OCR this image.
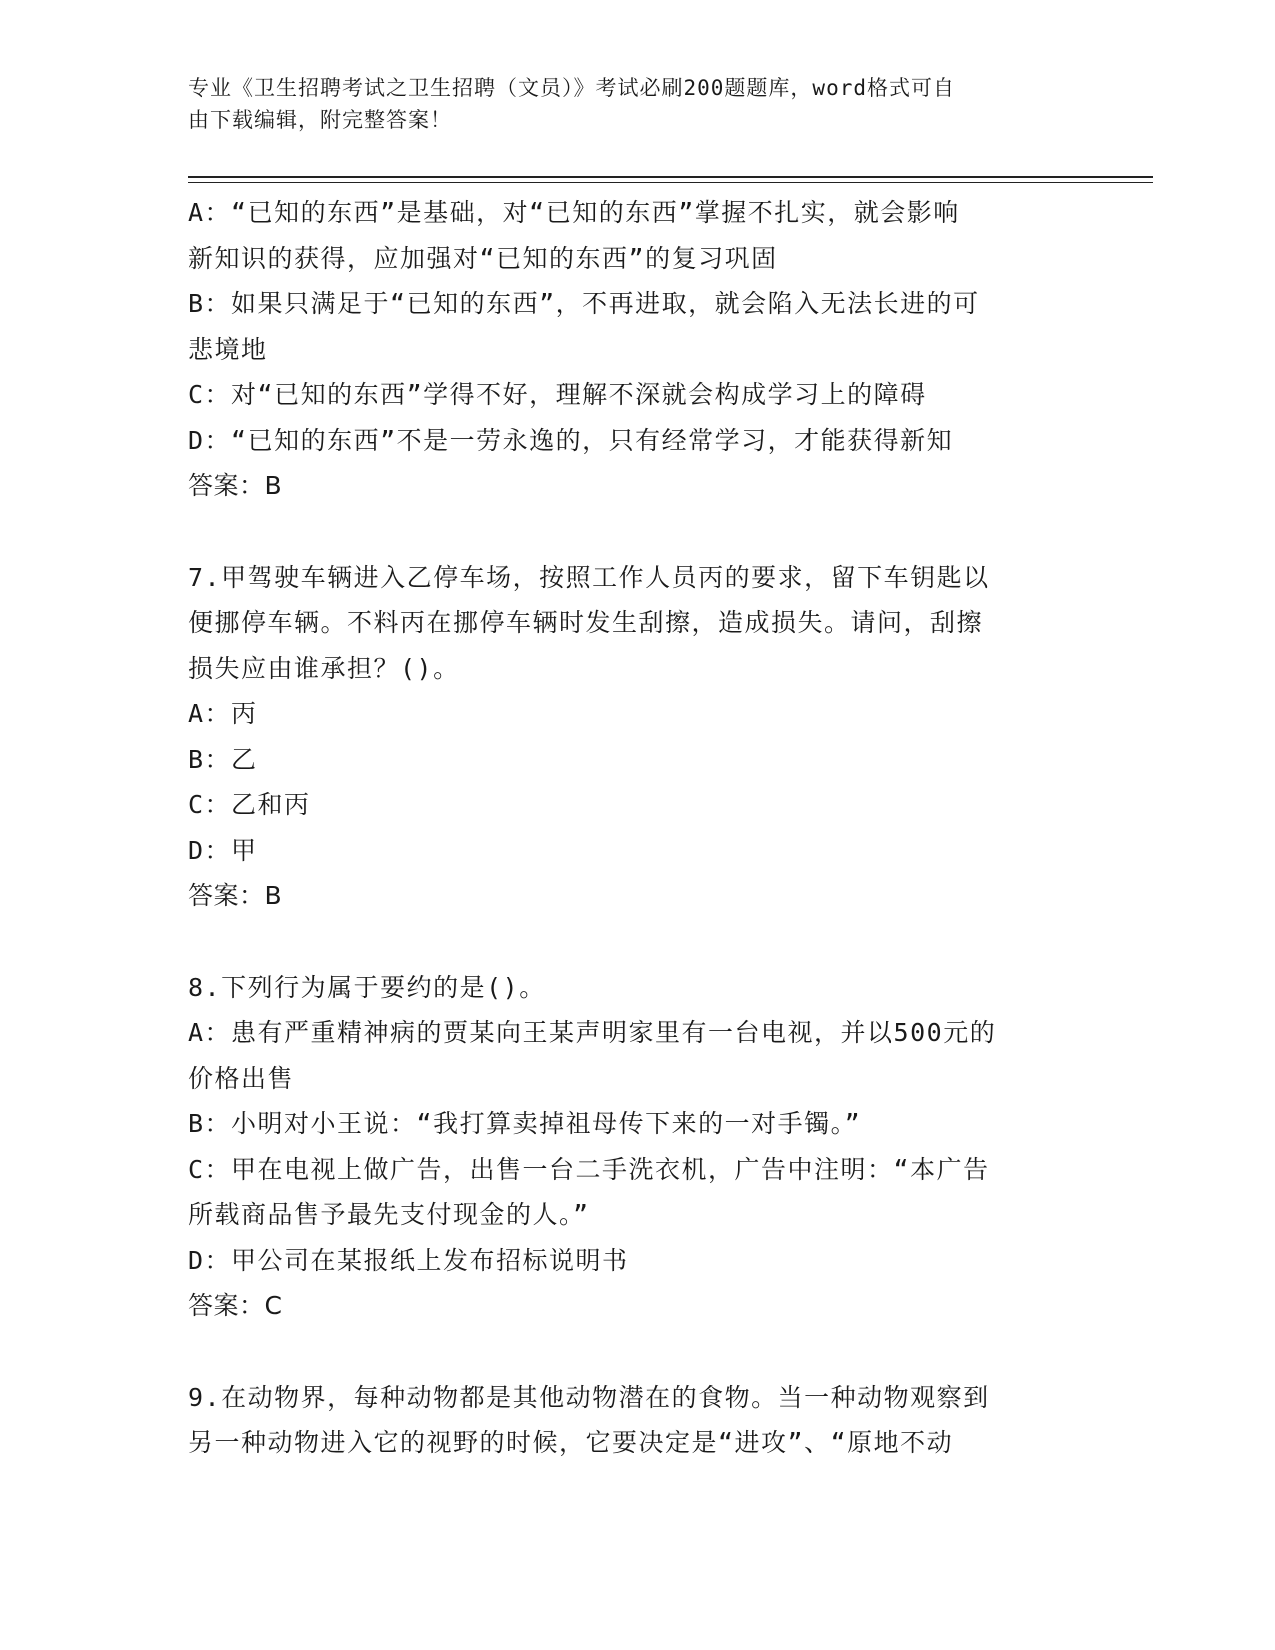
专业《卫生招聘考试之卫生招聘（文员）》考试必刷200题题库，word格式可自
由下载编辑，附完整答案！
A：“已知的东西”是基础，对“已知的东西”掌握不扎实，就会影响
新知识的获得，应加强对“已知的东西”的复习巩固
B：如果只满足于“已知的东西”，不再进取，就会陷入无法长进的可
悲境地
C：对“已知的东西”学得不好，理解不深就会构成学习上的障碍
D：“已知的东西”不是一劳永逸的，只有经常学习，才能获得新知
答案：B
7.甲驾驶车辆进入乙停车场，按照工作人员丙的要求，留下车钥匙以
便挪停车辆。不料丙在挪停车辆时发生刮擦，造成损失。请问，刮擦
损失应由谁承担？()。
A：丙
B：乙
C：乙和丙
D：甲
答案：B
8.下列行为属于要约的是()。
A：患有严重精神病的贾某向王某声明家里有一台电视，并以500元的
价格出售
B：小明对小王说：“我打算卖掉祖母传下来的一对手镯。”
C：甲在电视上做广告，出售一台二手洗衣机，广告中注明：“本广告
所载商品售予最先支付现金的人。”
D：甲公司在某报纸上发布招标说明书
答案：C
9.在动物界，每种动物都是其他动物潜在的食物。当一种动物观察到
另一种动物进入它的视野的时候，它要决定是“进攻”、“原地不动
